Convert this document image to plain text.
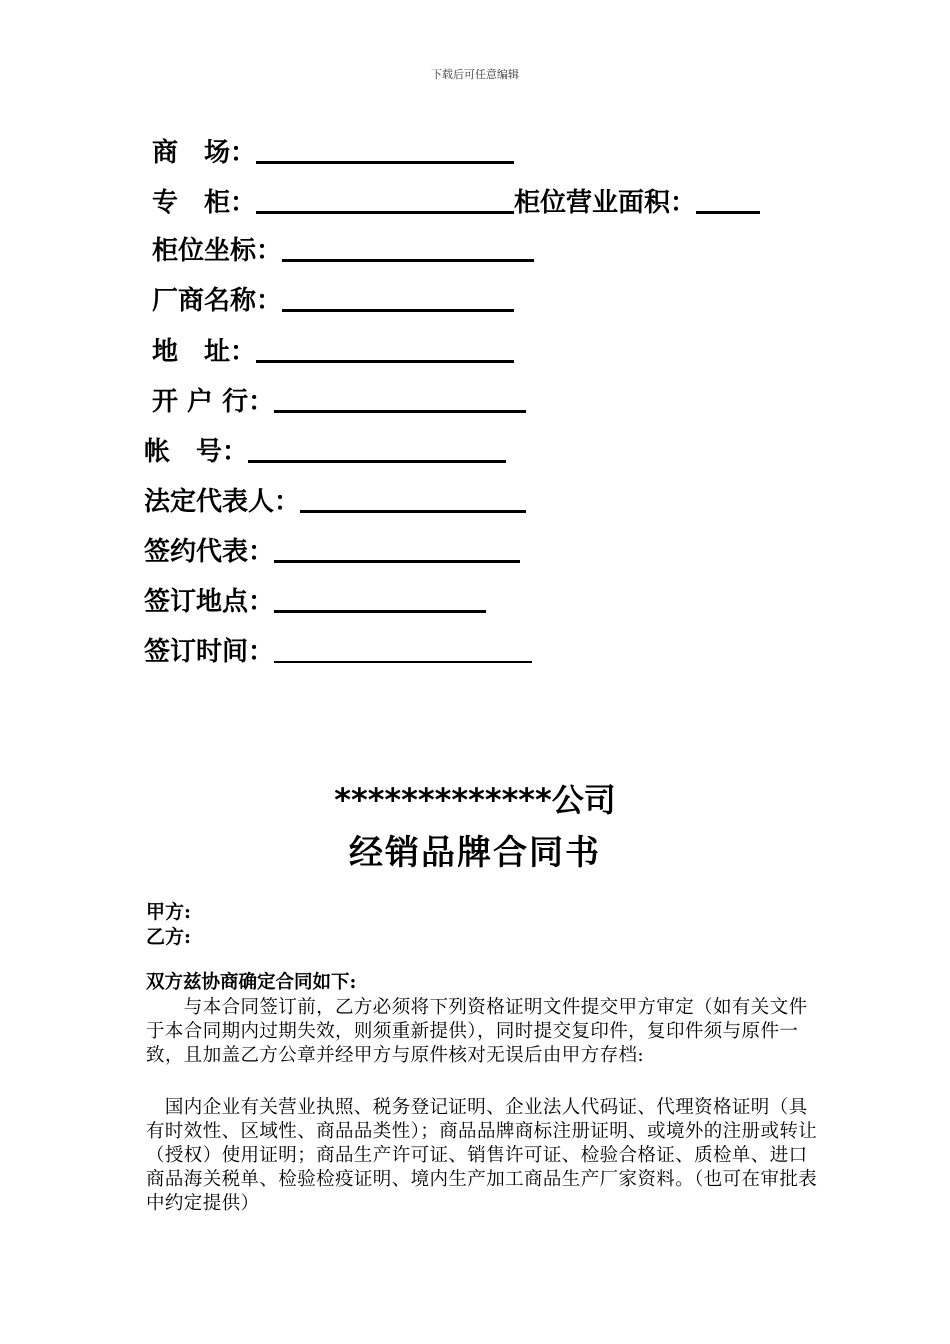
下载后可任意编辑
商　场：
专　柜：	柜位营业面积：
柜位坐标：
厂商名称：
地　址：
开 户 行：
帐　号：
法定代表人：
签约代表：
签订地点：
签订时间：
*************公司
经销品牌合同书
甲方:
乙方:
双方兹协商确定合同如下:

　　与本合同签订前，乙方必须将下列资格证明文件提交甲方审定（如有关文件于本合同期内过期失效，则须重新提供），同时提交复印件，复印件须与原件一致，且加盖乙方公章并经甲方与原件核对无误后由甲方存档:

　国内企业有关营业执照、税务登记证明、企业法人代码证、代理资格证明（具有时效性、区域性、商品品类性）；商品品牌商标注册证明、或境外的注册或转让（授权）使用证明；商品生产许可证、销售许可证、检验合格证、质检单、进口商品海关税单、检验检疫证明、境内生产加工商品生产厂家资料。（也可在审批表中约定提供）
